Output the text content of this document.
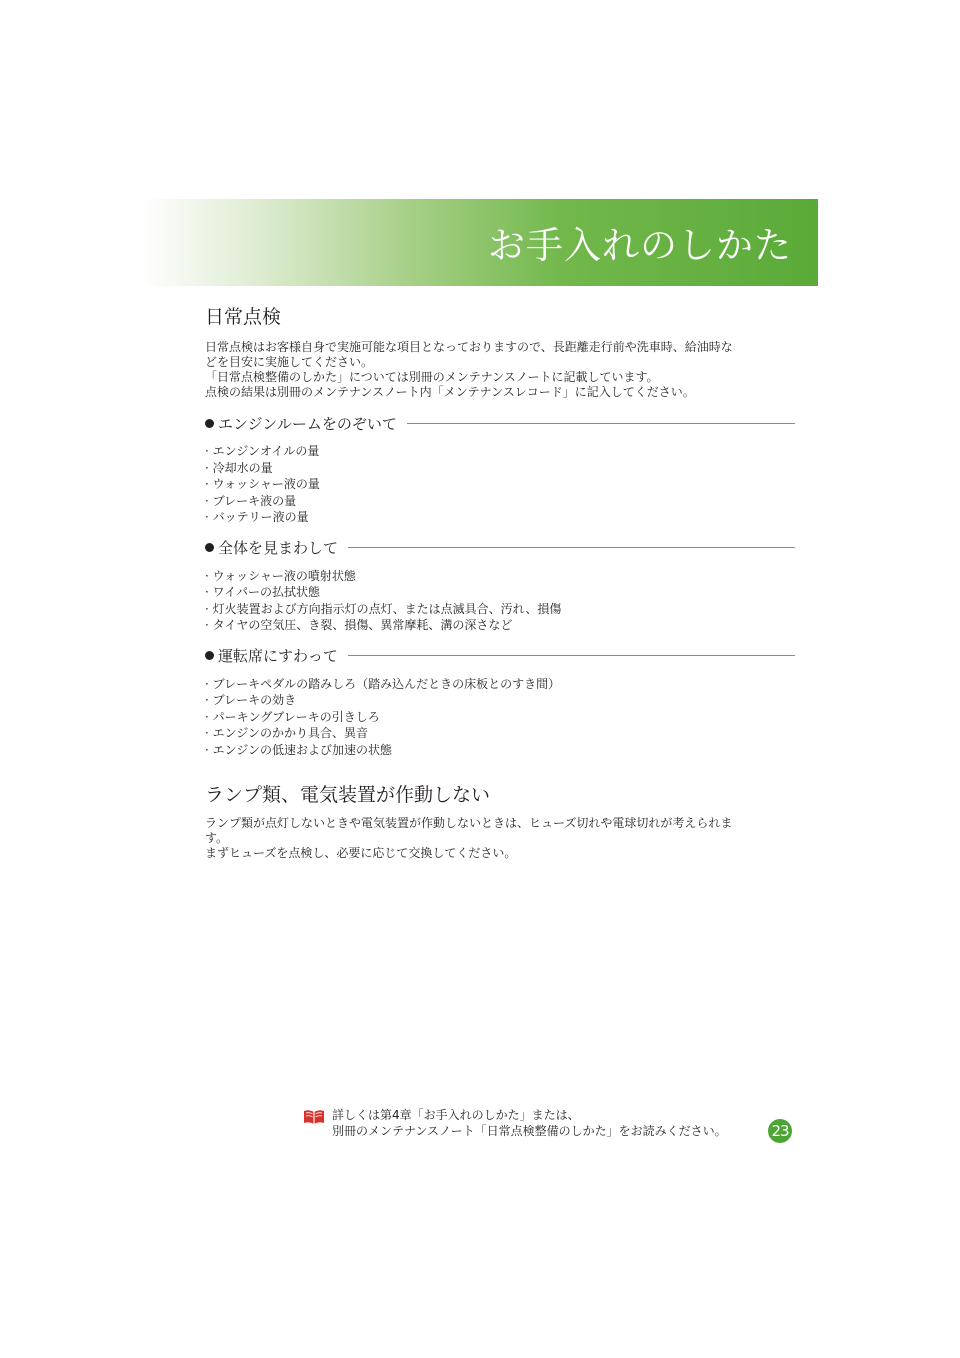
お手入れのしかた
日常点検

日常点検はお客様自身で実施可能な項目となっておりますので、長距離走行前や洗車時、給油時な

どを目安に実施してください。

「日常点検整備のしかた」については別冊のメンテナンスノートに記載しています。

点検の結果は別冊のメンテナンスノート内「メンテナンスレコード」に記入してください。

エンジンルームをのぞいて
· エンジンオイルの量
· 冷却水の量
· ウォッシャー液の量
· ブレーキ液の量
· バッテリー液の量
全体を見まわして
· ウォッシャー液の噴射状態
· ワイパーの払拭状態
· 灯火装置および方向指示灯の点灯、または点滅具合、汚れ、損傷
· タイヤの空気圧、き裂、損傷、異常摩耗、溝の深さなど
運転席にすわって
· ブレーキペダルの踏みしろ（踏み込んだときの床板とのすき間）
· ブレーキの効き
· パーキングブレーキの引きしろ
· エンジンのかかり具合、異音
· エンジンの低速および加速の状態
ランプ類、電気装置が作動しない

ランプ類が点灯しないときや電気装置が作動しないときは、ヒューズ切れや電球切れが考えられま

す。

まずヒューズを点検し、必要に応じて交換してください。

詳しくは第4章「お手入れのしかた」または、
別冊のメンテナンスノート「日常点検整備のしかた」をお読みください。	23
